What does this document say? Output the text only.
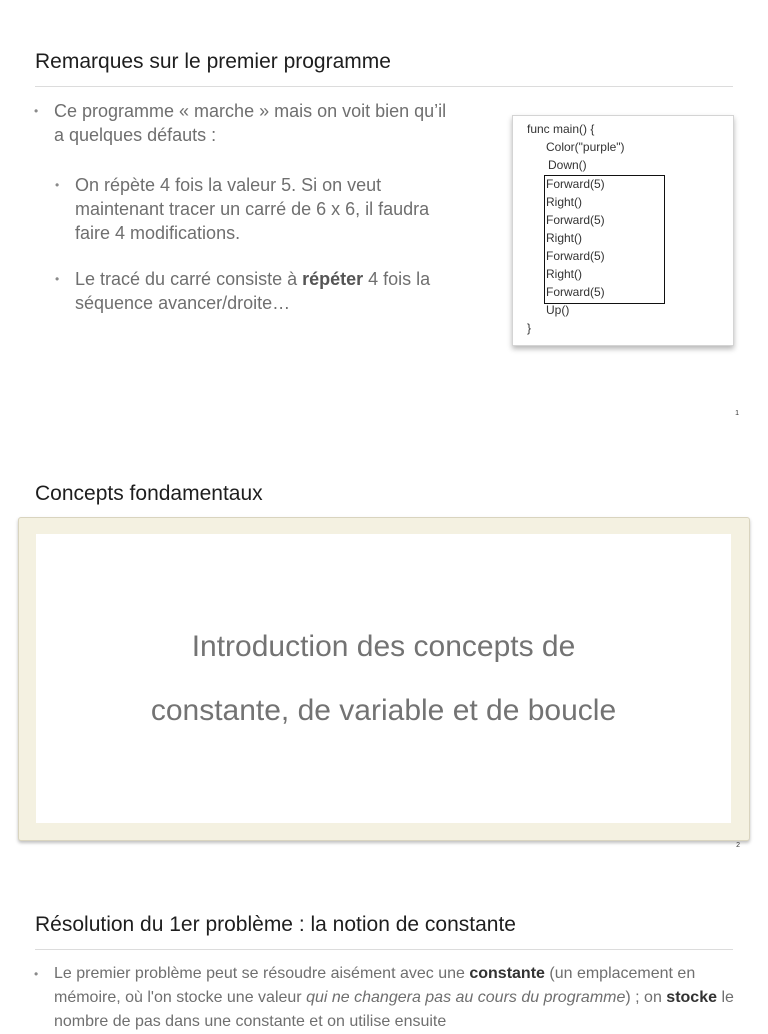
Remarques sur le premier programme
• Ce programme « marche » mais on voit bien qu’il a quelques défauts :
• On répète 4 fois la valeur 5. Si on veut maintenant tracer un carré de 6 x 6, il faudra faire 4 modifications.
• Le tracé du carré consiste à répéter 4 fois la séquence avancer/droite…
func main() {
Color("purple")
Down()
Forward(5)
Right()
Forward(5)
Right()
Forward(5)
Right()
Forward(5)
Up()
}
1
Concepts fondamentaux
Introduction des concepts de
constante, de variable et de boucle
2
Résolution du 1er problème : la notion de constante
• Le premier problème peut se résoudre aisément avec une constante (un emplacement en mémoire, où l'on stocke une valeur qui ne changera pas au cours du programme) ; on stocke le nombre de pas dans une constante et on utilise ensuite
